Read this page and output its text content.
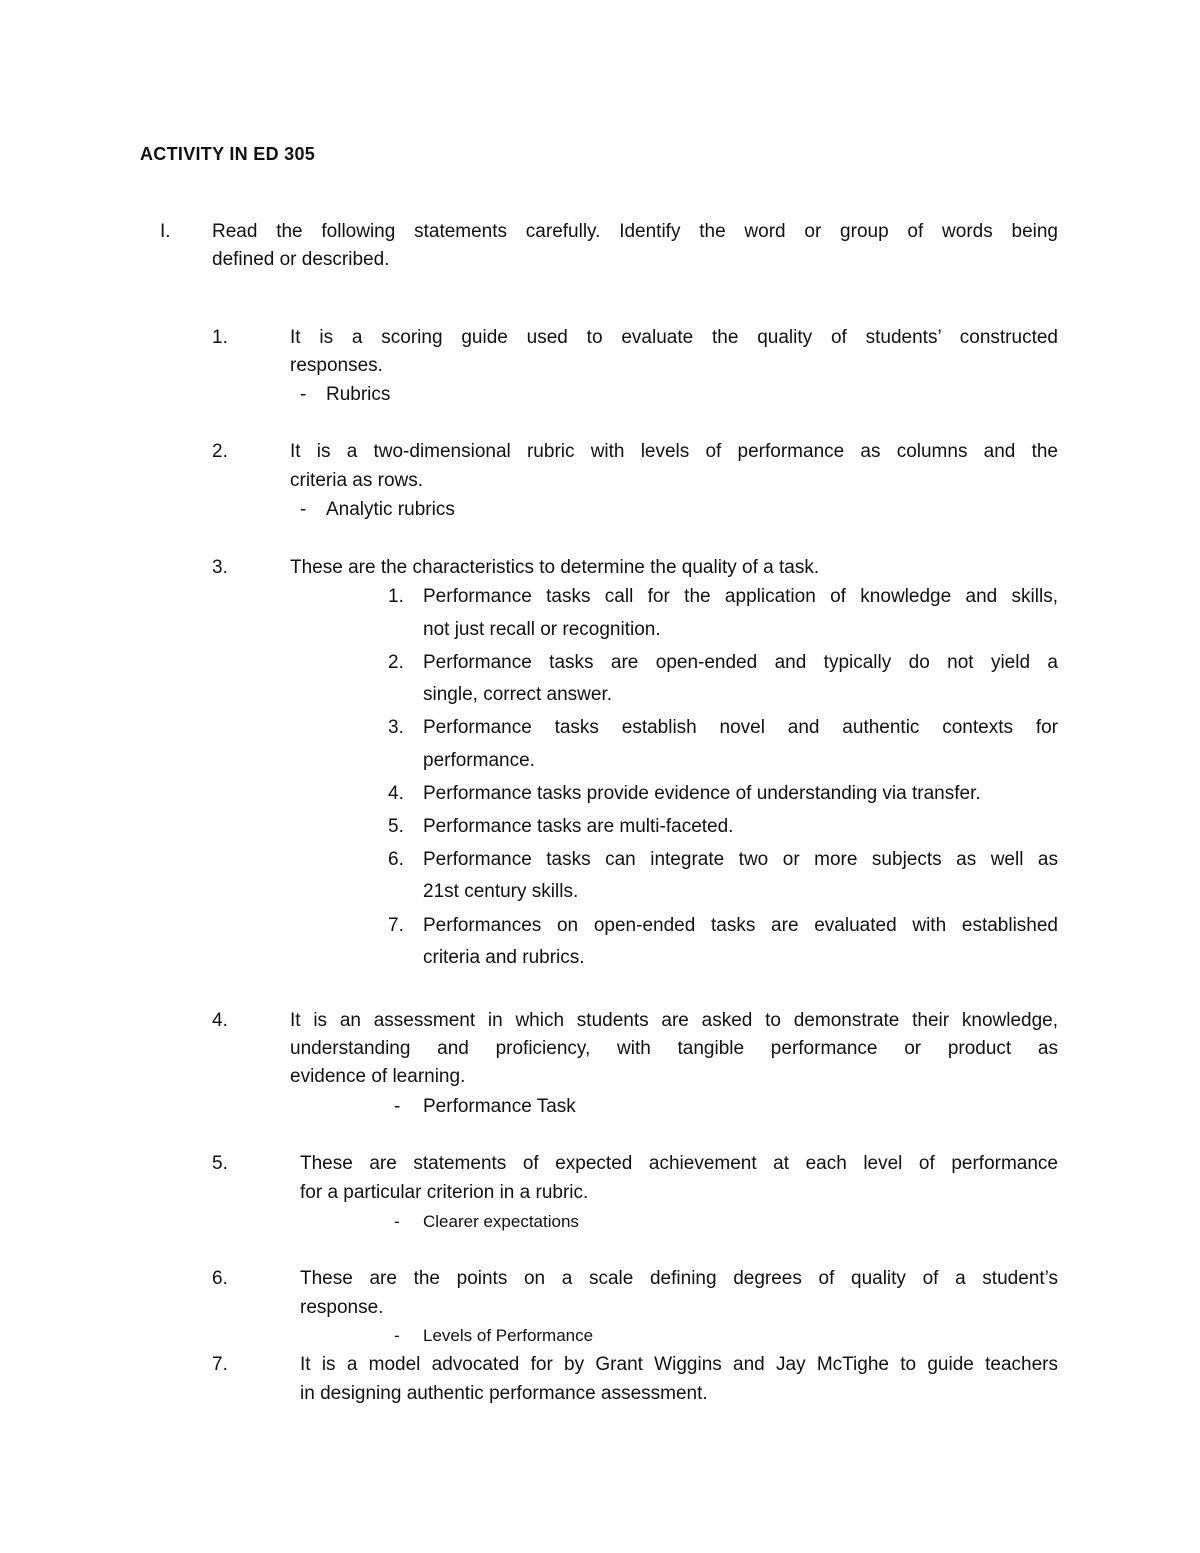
ACTIVITY IN ED 305
I. Read the following statements carefully. Identify the word or group of words being
defined or described.
1.	It is a scoring guide used to evaluate the quality of students’ constructed
responses.
- Rubrics
2.	It is a two-dimensional rubric with levels of performance as columns and the
criteria as rows.
- Analytic rubrics
3.	These are the characteristics to determine the quality of a task.
1. Performance tasks call for the application of knowledge and skills,
not just recall or recognition.
2. Performance tasks are open-ended and typically do not yield a
single, correct answer.
3. Performance tasks establish novel and authentic contexts for
performance.
4. Performance tasks provide evidence of understanding via transfer.
5. Performance tasks are multi-faceted.
6. Performance tasks can integrate two or more subjects as well as
21st century skills.
7. Performances on open-ended tasks are evaluated with established
criteria and rubrics.
4.	It is an assessment in which students are asked to demonstrate their knowledge,
understanding and proficiency, with tangible performance or product as
evidence of learning.
- Performance Task
5.	These are statements of expected achievement at each level of performance
for a particular criterion in a rubric.
- Clearer expectations
6.	These are the points on a scale defining degrees of quality of a student’s
response.
- Levels of Performance
7.	It is a model advocated for by Grant Wiggins and Jay McTighe to guide teachers
in designing authentic performance assessment.
